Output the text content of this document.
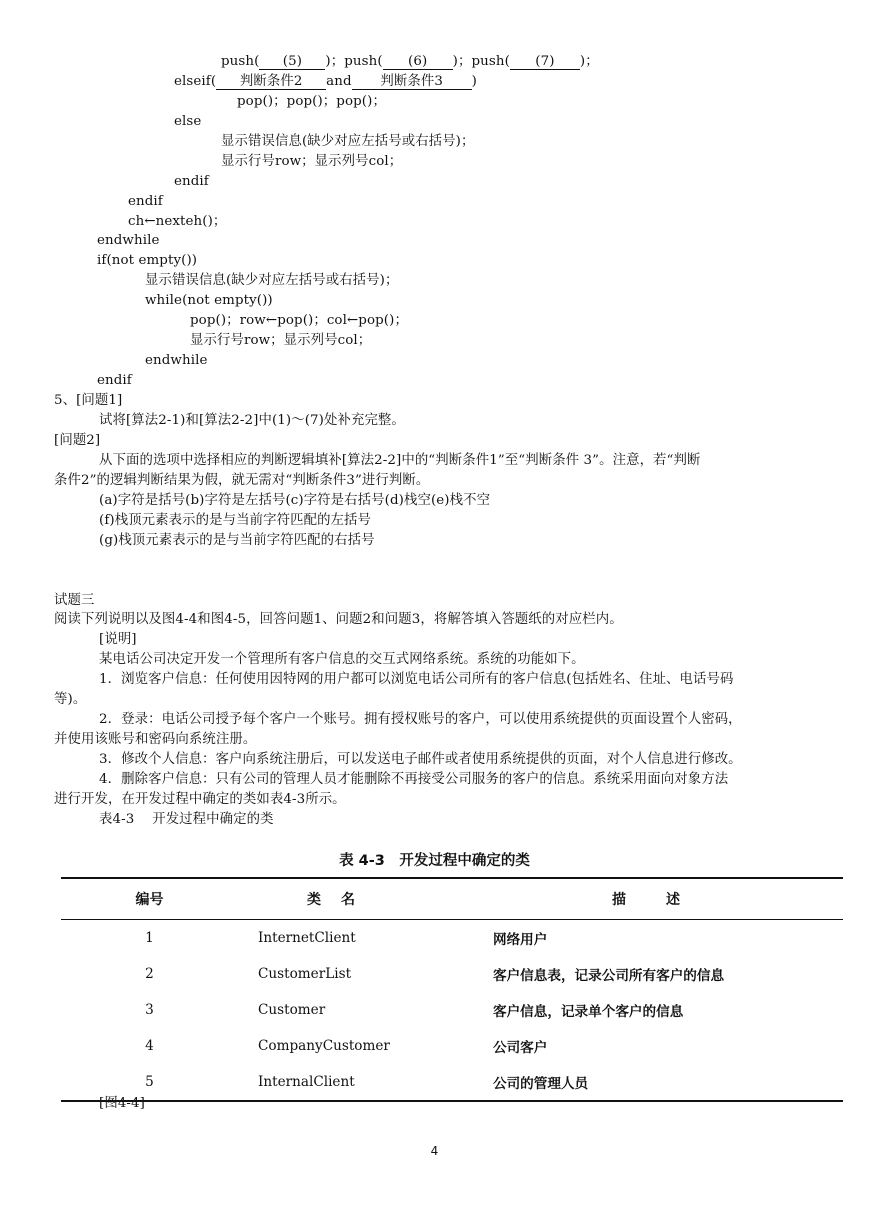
push( (5) )；push( (6) )；push( (7) )；
elseif( 判断条件2 and 判断条件3 )
pop()；pop()；pop()；
else
显示错误信息(缺少对应左括号或右括号)；
显示行号row；显示列号col；
endif
endif
ch←nexteh()；
endwhile
if(not empty())
显示错误信息(缺少对应左括号或右括号)；
while(not empty())
pop()；row←pop()；col←pop()；
显示行号row；显示列号col；
endwhile
endif
5、[问题1]
试将[算法2-1)和[算法2-2]中(1)～(7)处补充完整。
[问题2]
从下面的选项中选择相应的判断逻辑填补[算法2-2]中的“判断条件1”至“判断条件 3”。注意，若“判断
条件2”的逻辑判断结果为假，就无需对“判断条件3”进行判断。
(a)字符是括号(b)字符是左括号(c)字符是右括号(d)栈空(e)栈不空
(f)栈顶元素表示的是与当前字符匹配的左括号
(g)栈顶元素表示的是与当前字符匹配的右括号
试题三
阅读下列说明以及图4-4和图4-5，回答问题1、问题2和问题3，将解答填入答题纸的对应栏内。
[说明]
某电话公司决定开发一个管理所有客户信息的交互式网络系统。系统的功能如下。
1．浏览客户信息：任何使用因特网的用户都可以浏览电话公司所有的客户信息(包括姓名、住址、电话号码
等)。
2．登录：电话公司授予每个客户一个账号。拥有授权账号的客户，可以使用系统提供的页面设置个人密码，
并使用该账号和密码向系统注册。
3．修改个人信息：客户向系统注册后，可以发送电子邮件或者使用系统提供的页面，对个人信息进行修改。
4．删除客户信息：只有公司的管理人员才能删除不再接受公司服务的客户的信息。系统采用面向对象方法
进行开发，在开发过程中确定的类如表4-3所示。
表4-3　 开发过程中确定的类
表 4-3　开发过程中确定的类
编号	类名	描述
1	InternetClient	网络用户
2	CustomerList	客户信息表，记录公司所有客户的信息
3	Customer	客户信息，记录单个客户的信息
4	CompanyCustomer	公司客户
5	InternalClient	公司的管理人员
[图4-4]
4
